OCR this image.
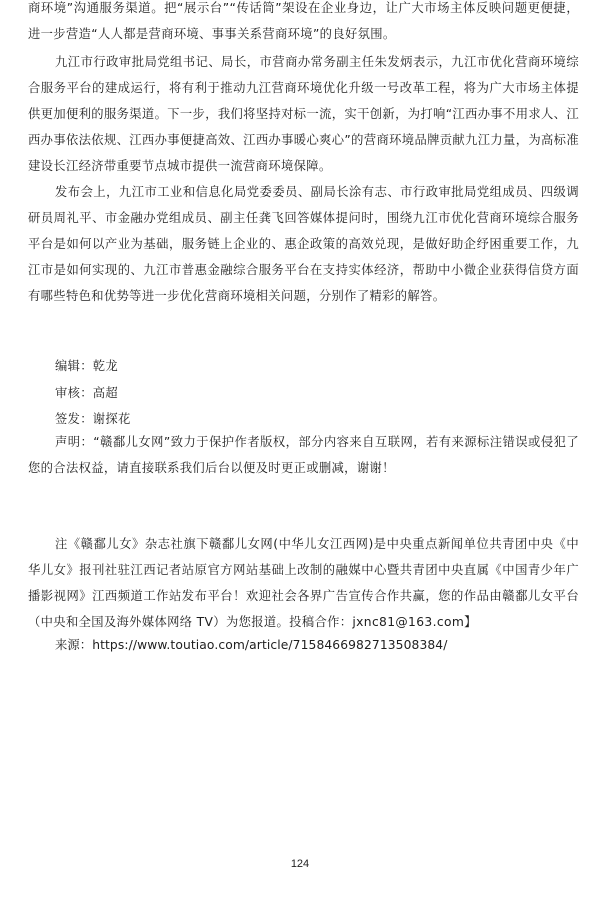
商环境”沟通服务渠道。把“展示台”“传话筒”架设在企业身边，让广大市场主体反映问题更便捷，进一步营造“人人都是营商环境、事事关系营商环境”的良好氛围。

九江市行政审批局党组书记、局长，市营商办常务副主任朱发炳表示，九江市优化营商环境综合服务平台的建成运行，将有利于推动九江营商环境优化升级一号改革工程，将为广大市场主体提供更加便利的服务渠道。下一步，我们将坚持对标一流，实干创新，为打响“江西办事不用求人、江西办事依法依规、江西办事便捷高效、江西办事暖心爽心”的营商环境品牌贡献九江力量，为高标准建设长江经济带重要节点城市提供一流营商环境保障。

发布会上，九江市工业和信息化局党委委员、副局长涂有志、市行政审批局党组成员、四级调研员周礼平、市金融办党组成员、副主任龚飞回答媒体提问时，围绕九江市优化营商环境综合服务平台是如何以产业为基础，服务链上企业的、惠企政策的高效兑现，是做好助企纾困重要工作，九江市是如何实现的、九江市普惠金融综合服务平台在支持实体经济，帮助中小微企业获得信贷方面有哪些特色和优势等进一步优化营商环境相关问题，分别作了精彩的解答。

编辑：乾龙
审核：高超
签发：谢探花

声明：“赣鄱儿女网”致力于保护作者版权，部分内容来自互联网，若有来源标注错误或侵犯了您的合法权益，请直接联系我们后台以便及时更正或删减，谢谢！

注《赣鄱儿女》杂志社旗下赣鄱儿女网(中华儿女江西网)是中央重点新闻单位共青团中央《中华儿女》报刊社驻江西记者站原官方网站基础上改制的融媒中心暨共青团中央直属《中国青少年广播影视网》江西频道工作站发布平台！欢迎社会各界广告宣传合作共赢，您的作品由赣鄱儿女平台（中央和全国及海外媒体网络 TV）为您报道。投稿合作：jxnc81@163.com】

来源：https://www.toutiao.com/article/7158466982713508384/
124
